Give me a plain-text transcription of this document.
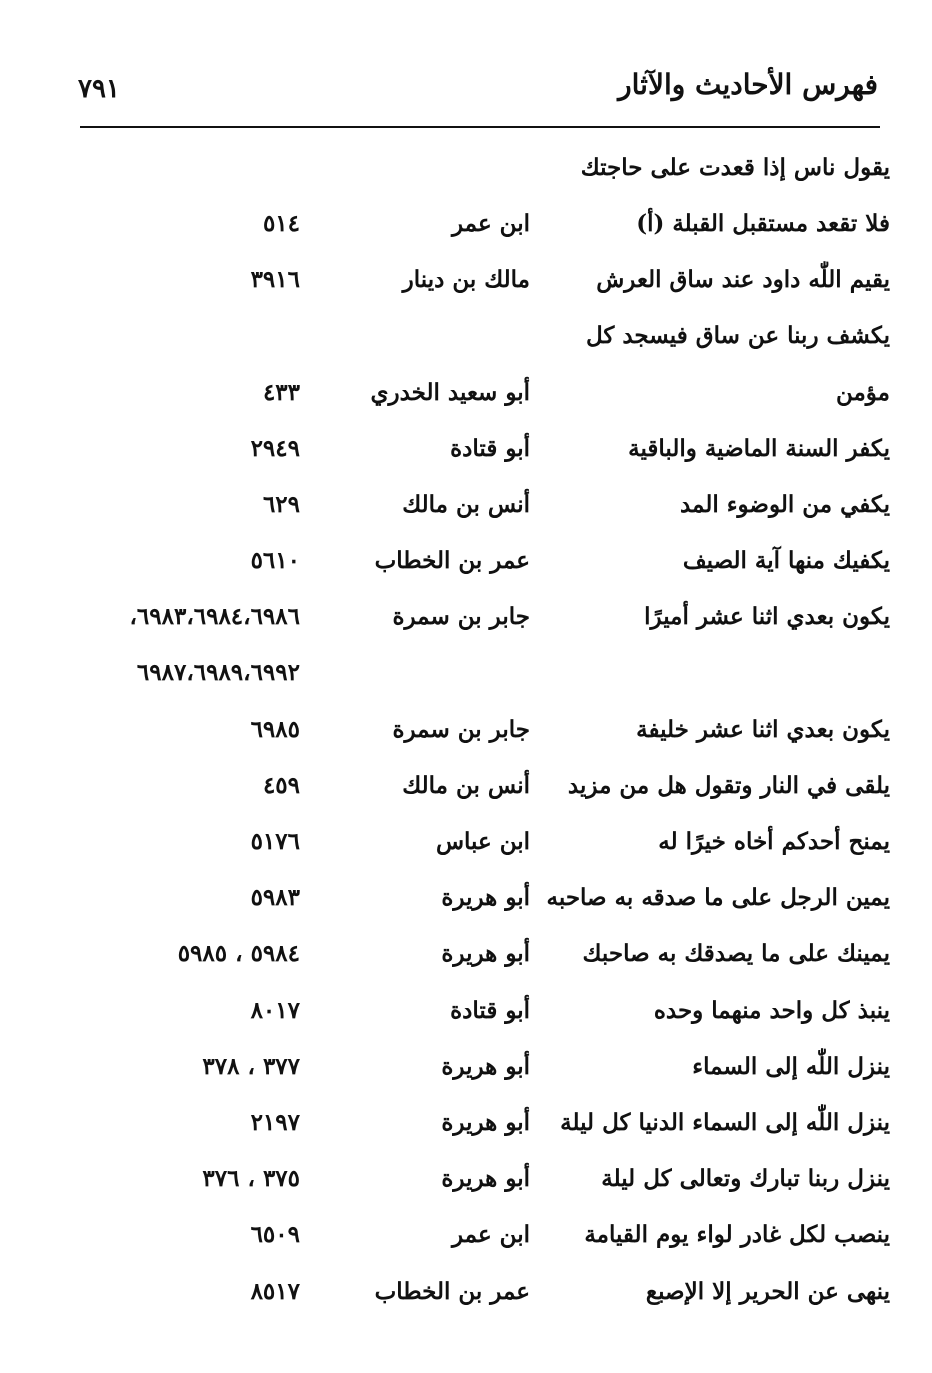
فهرس الأحاديث والآثار
٧٩١
يقول ناس إذا قعدت على حاجتك
فلا تقعد مستقبل القبلة (أ)
ابن عمر
٥١٤
يقيم اللّٰه داود عند ساق العرش
مالك بن دينار
٣٩١٦
يكشف ربنا عن ساق فيسجد كل
مؤمن
أبو سعيد الخدري
٤٣٣
يكفر السنة الماضية والباقية
أبو قتادة
٢٩٤٩
يكفي من الوضوء المد
أنس بن مالك
٦٢٩
يكفيك منها آية الصيف
عمر بن الخطاب
٥٦١٠
يكون بعدي اثنا عشر أميرًا
جابر بن سمرة
٦٩٨٣،٦٩٨٤،٦٩٨٦،
٦٩٨٧،٦٩٨٩،٦٩٩٢
يكون بعدي اثنا عشر خليفة
جابر بن سمرة
٦٩٨٥
يلقى في النار وتقول هل من مزيد
أنس بن مالك
٤٥٩
يمنح أحدكم أخاه خيرًا له
ابن عباس
٥١٧٦
يمين الرجل على ما صدقه به صاحبه
أبو هريرة
٥٩٨٣
يمينك على ما يصدقك به صاحبك
أبو هريرة
٥٩٨٤ ، ٥٩٨٥
ينبذ كل واحد منهما وحده
أبو قتادة
٨٠١٧
ينزل اللّٰه إلى السماء
أبو هريرة
٣٧٧ ، ٣٧٨
ينزل اللّٰه إلى السماء الدنيا كل ليلة
أبو هريرة
٢١٩٧
ينزل ربنا تبارك وتعالى كل ليلة
أبو هريرة
٣٧٥ ، ٣٧٦
ينصب لكل غادر لواء يوم القيامة
ابن عمر
٦٥٠٩
ينهى عن الحرير إلا الإصبع
عمر بن الخطاب
٨٥١٧
